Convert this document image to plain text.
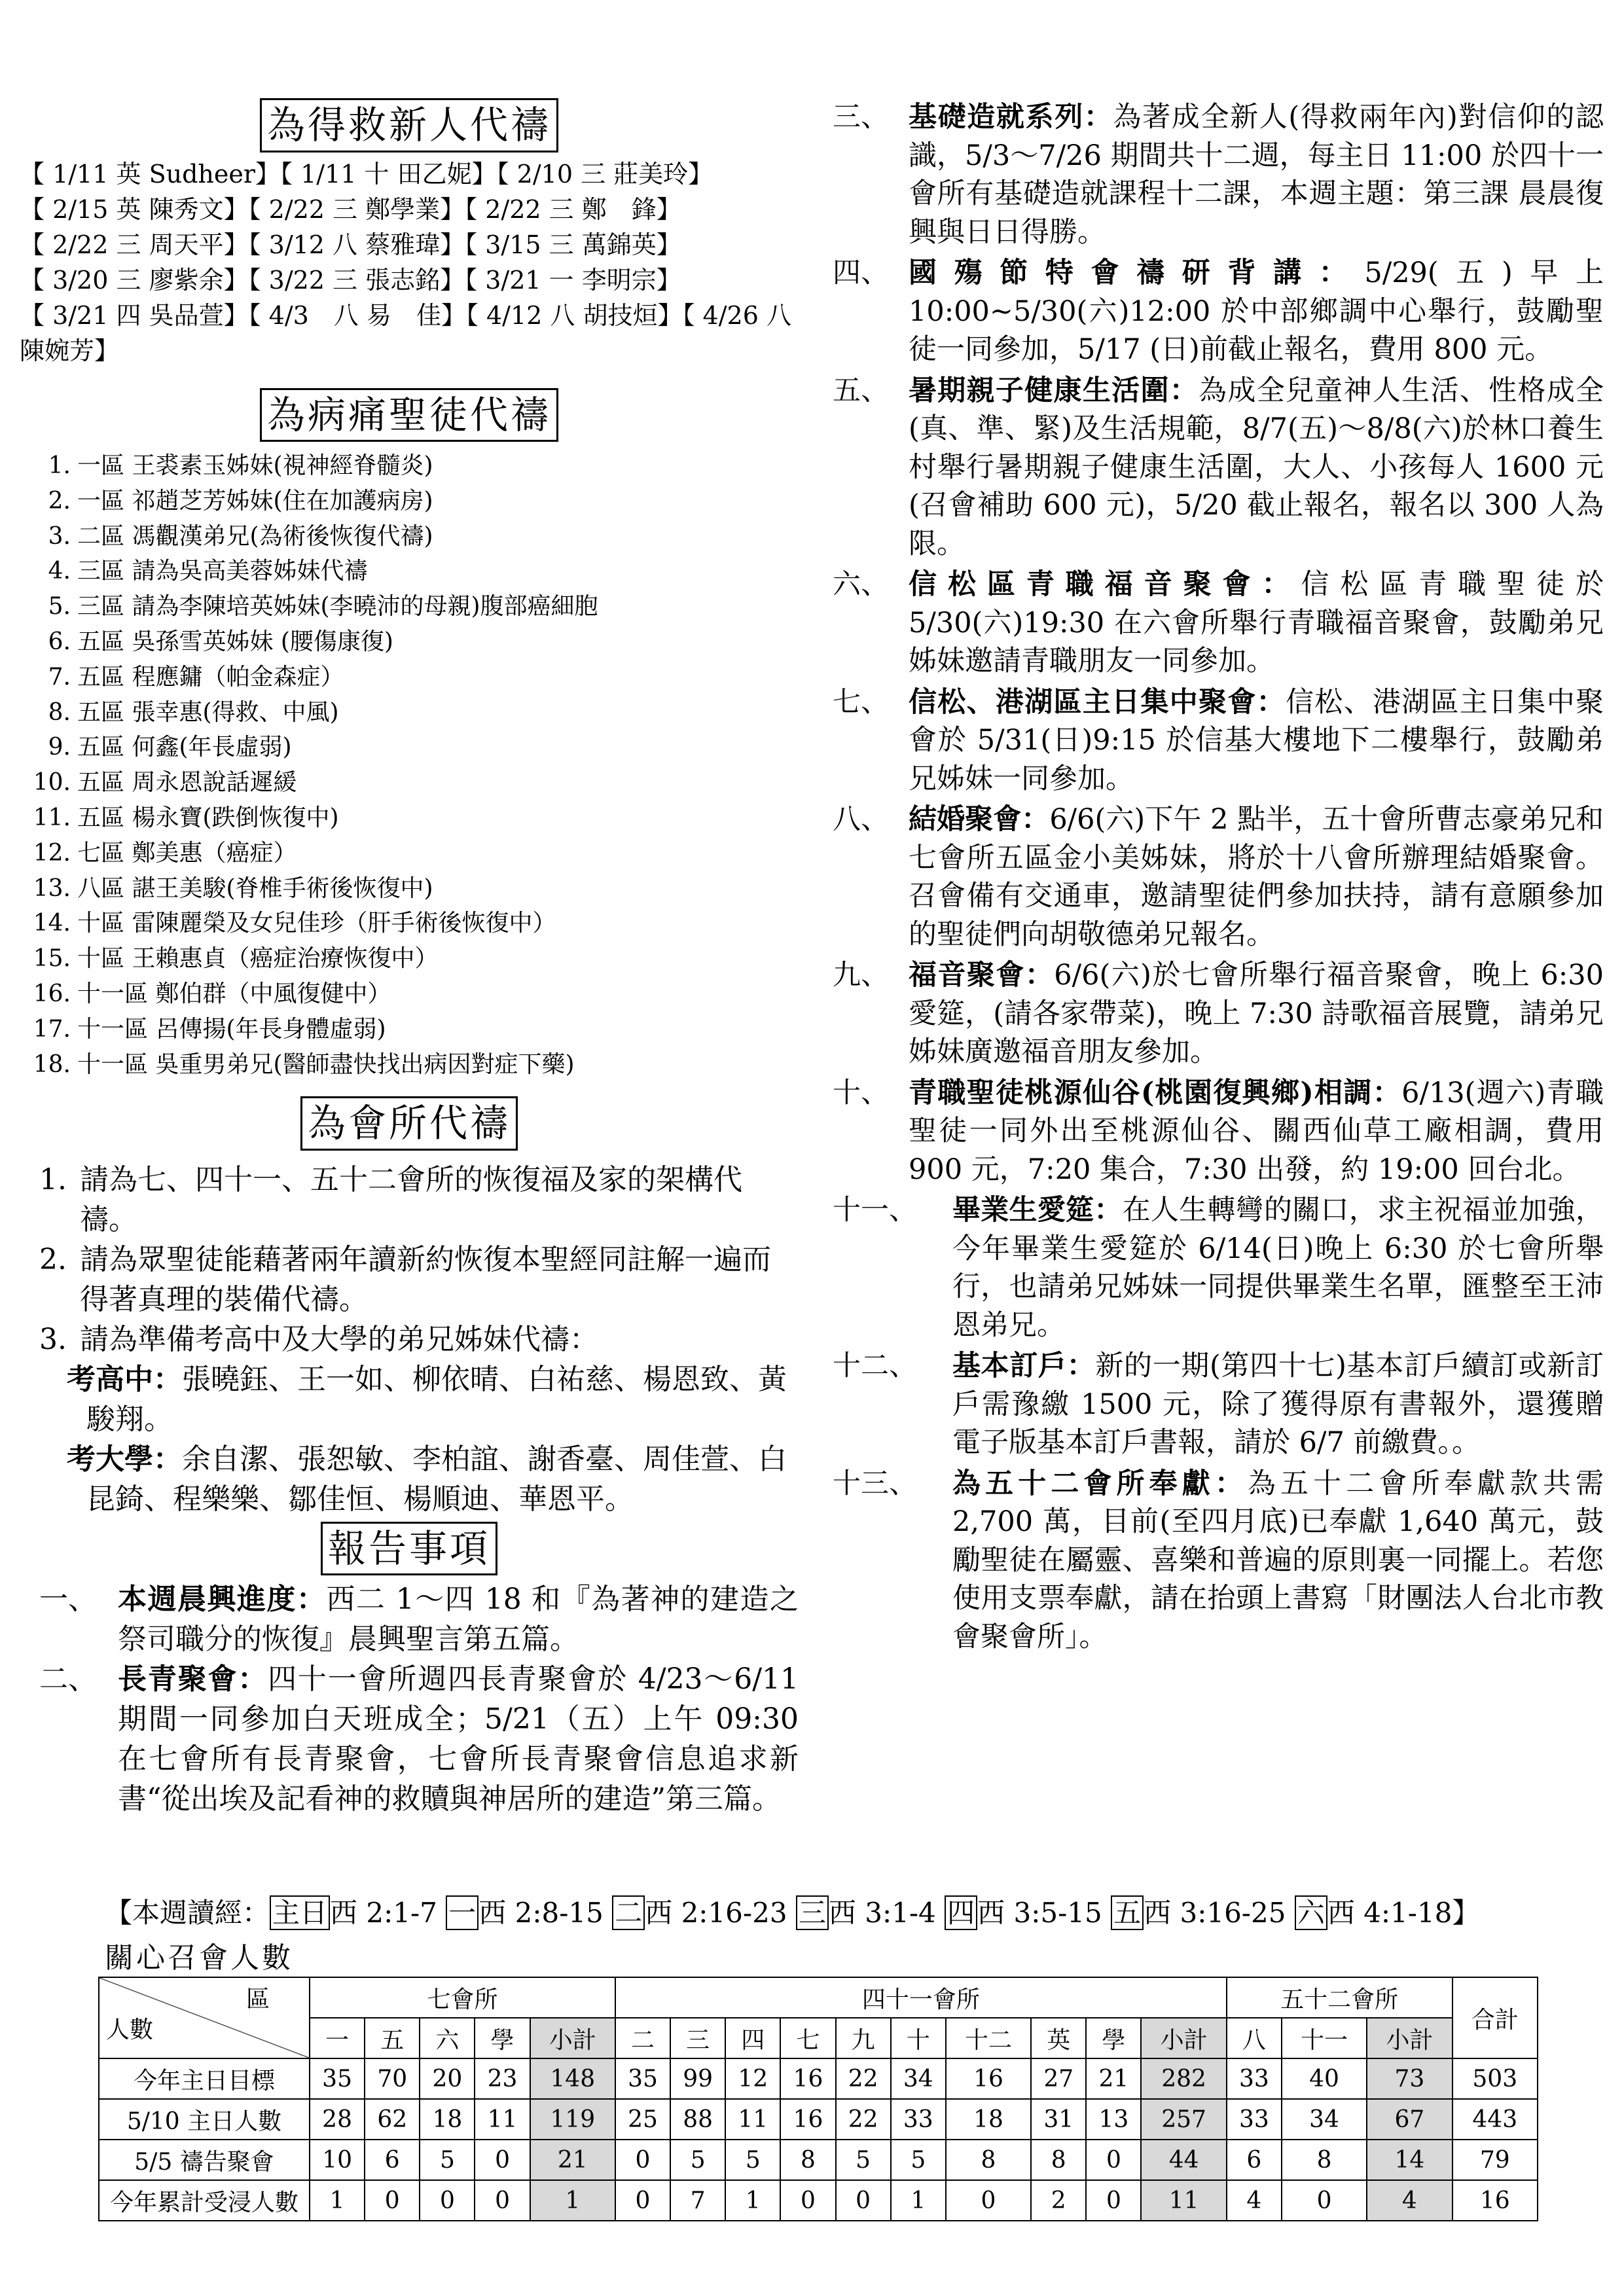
為得救新人代禱
【 1/11 英 Sudheer】【 1/11 十 田乙妮】【 2/10 三 莊美玲】
【 2/15 英 陳秀文】【 2/22 三 鄭學業】【 2/22 三 鄭　鋒】
【 2/22 三 周天平】【 3/12 八 蔡雅瑋】【 3/15 三 萬錦英】
【 3/20 三 廖紫余】【 3/22 三 張志銘】【 3/21 一 李明宗】
【 3/21 四 吳品萱】【 4/3　八 易　佳】【 4/12 八 胡技烜】【 4/26 八 陳婉芳】
為病痛聖徒代禱
1. 一區 王裘素玉姊妹(視神經脊髓炎)
2. 一區 祁趙芝芳姊妹(住在加護病房)
3. 二區 馮觀漢弟兄(為術後恢復代禱)
4. 三區 請為吳高美蓉姊妹代禱
5. 三區 請為李陳培英姊妹(李曉沛的母親)腹部癌細胞
6. 五區 吳孫雪英姊妹 (腰傷康復)
7. 五區 程應鏞（帕金森症）
8. 五區 張幸惠(得救、中風)
9. 五區 何鑫(年長虛弱)
10. 五區 周永恩說話遲緩
11. 五區 楊永寶(跌倒恢復中)
12. 七區 鄭美惠（癌症）
13. 八區 諶王美駿(脊椎手術後恢復中)
14. 十區 雷陳麗榮及女兒佳珍（肝手術後恢復中）
15. 十區 王賴惠貞（癌症治療恢復中）
16. 十一區 鄭伯群（中風復健中）
17. 十一區 呂傳揚(年長身體虛弱)
18. 十一區 吳重男弟兄(醫師盡快找出病因對症下藥)
為會所代禱
1. 請為七、四十一、五十二會所的恢復福及家的架構代禱。
2. 請為眾聖徒能藉著兩年讀新約恢復本聖經同註解一遍而得著真理的裝備代禱。
3. 請為準備考高中及大學的弟兄姊妹代禱：
考高中：張曉鈺、王一如、柳依晴、白祐慈、楊恩致、黃駿翔。
考大學：余自潔、張恕敏、李柏誼、謝香臺、周佳萱、白昆錡、程樂樂、鄒佳恒、楊順迪、華恩平。
報告事項
一、 本週晨興進度：西二 1～四 18 和『為著神的建造之祭司職分的恢復』晨興聖言第五篇。
二、 長青聚會：四十一會所週四長青聚會於 4/23～6/11 期間一同參加白天班成全；5/21（五）上午 09:30 在七會所有長青聚會，七會所長青聚會信息追求新書“從出埃及記看神的救贖與神居所的建造”第三篇。
三、 基礎造就系列：為著成全新人(得救兩年內)對信仰的認識，5/3～7/26 期間共十二週，每主日 11:00 於四十一會所有基礎造就課程十二課，本週主題：第三課 晨晨復興與日日得勝。
四、 國殤節特會禱研背講：5/29(五)早上 10:00~5/30(六)12:00 於中部鄉調中心舉行，鼓勵聖徒一同參加，5/17 (日)前截止報名，費用 800 元。
五、 暑期親子健康生活圍：為成全兒童神人生活、性格成全(真、準、緊)及生活規範，8/7(五)～8/8(六)於林口養生村舉行暑期親子健康生活圍，大人、小孩每人 1600 元(召會補助 600 元)，5/20 截止報名，報名以 300 人為限。
六、 信松區青職福音聚會：信松區青職聖徒於 5/30(六)19:30 在六會所舉行青職福音聚會，鼓勵弟兄姊妹邀請青職朋友一同參加。
七、 信松、港湖區主日集中聚會：信松、港湖區主日集中聚會於 5/31(日)9:15 於信基大樓地下二樓舉行，鼓勵弟兄姊妹一同參加。
八、 結婚聚會：6/6(六)下午 2 點半，五十會所曹志豪弟兄和七會所五區金小美姊妹，將於十八會所辦理結婚聚會。召會備有交通車，邀請聖徒們參加扶持，請有意願參加的聖徒們向胡敬德弟兄報名。
九、 福音聚會：6/6(六)於七會所舉行福音聚會，晚上 6:30 愛筵，(請各家帶菜)，晚上 7:30 詩歌福音展覽，請弟兄姊妹廣邀福音朋友參加。
十、 青職聖徒桃源仙谷(桃園復興鄉)相調：6/13(週六)青職聖徒一同外出至桃源仙谷、關西仙草工廠相調，費用 900 元，7:20 集合，7:30 出發，約 19:00 回台北。
十一、	畢業生愛筵：在人生轉彎的關口，求主祝福並加強，今年畢業生愛筵於 6/14(日)晚上 6:30 於七會所舉行，也請弟兄姊妹一同提供畢業生名單，匯整至王沛恩弟兄。
十二、	基本訂戶：新的一期(第四十七)基本訂戶續訂或新訂戶需豫繳 1500 元，除了獲得原有書報外，還獲贈電子版基本訂戶書報，請於 6/7 前繳費。。
十三、	為五十二會所奉獻：為五十二會所奉獻款共需 2,700 萬，目前(至四月底)已奉獻 1,640 萬元，鼓勵聖徒在屬靈、喜樂和普遍的原則裏一同擺上。若您使用支票奉獻，請在抬頭上書寫「財團法人台北市教會聚會所」。
【本週讀經：主日西 2:1-7 一西 2:8-15 二西 2:16-23 三西 3:1-4 四西 3:5-15 五西 3:16-25 六西 4:1-18】
關心召會人數
區
人數	七會所					四十一會所										五十二會所			合計
	一	五	六	學	小計	二	三	四	七	九	十	十二	英	學	小計	八	十一	小計	
今年主日目標	35	70	20	23	148	35	99	12	16	22	34	16	27	21	282	33	40	73	503
5/10 主日人數	28	62	18	11	119	25	88	11	16	22	33	18	31	13	257	33	34	67	443
5/5 禱告聚會	10	6	5	0	21	0	5	5	8	5	5	8	8	0	44	6	8	14	79
今年累計受浸人數	1	0	0	0	1	0	7	1	0	0	1	0	2	0	11	4	0	4	16
